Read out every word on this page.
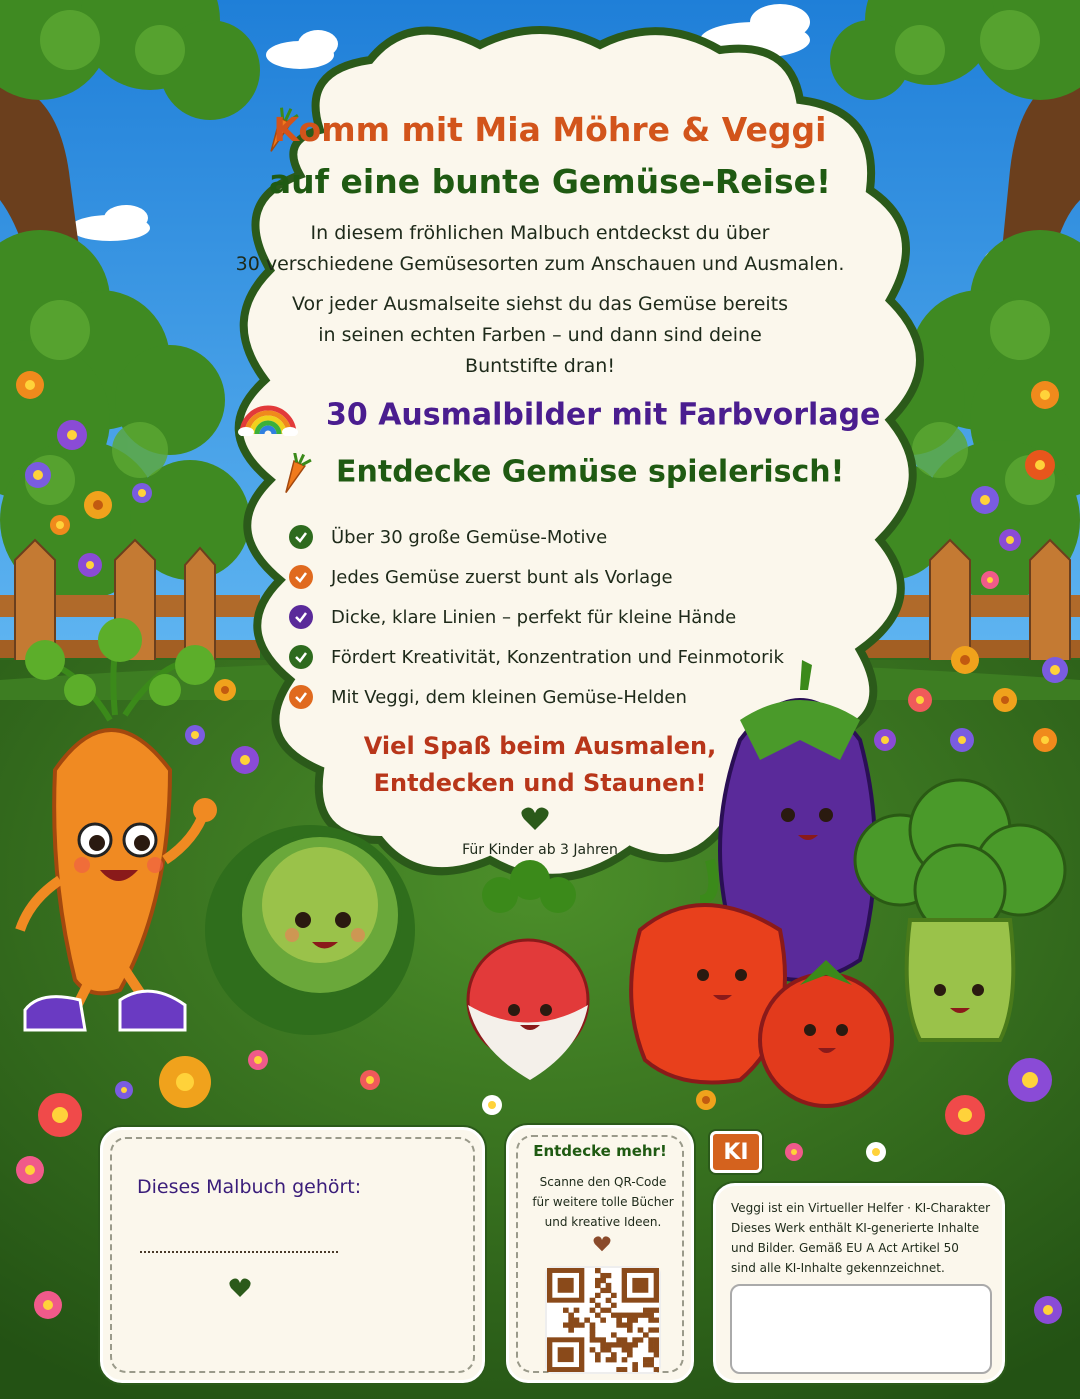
Komm mit Mia Möhre & Veggi
auf eine bunte Gemüse-Reise!
In diesem fröhlichen Malbuch entdeckst du über
30 verschiedene Gemüsesorten zum Anschauen und Ausmalen.
Vor jeder Ausmalseite siehst du das Gemüse bereits
in seinen echten Farben – und dann sind deine
Buntstifte dran!
30 Ausmalbilder mit Farbvorlage
Entdecke Gemüse spielerisch!
Über 30 große Gemüse-Motive
Jedes Gemüse zuerst bunt als Vorlage
Dicke, klare Linien – perfekt für kleine Hände
Fördert Kreativität, Konzentration und Feinmotorik
Mit Veggi, dem kleinen Gemüse-Helden
Viel Spaß beim Ausmalen,
Entdecken und Staunen!
Für Kinder ab 3 Jahren
Dieses Malbuch gehört:
Entdecke mehr!
Scanne den QR-Code
für weitere tolle Bücher
und kreative Ideen.
KI
Veggi ist ein Virtueller Helfer · KI-Charakter
Dieses Werk enthält KI-generierte Inhalte
und Bilder. Gemäß EU A Act Artikel 50
sind alle KI-Inhalte gekennzeichnet.
